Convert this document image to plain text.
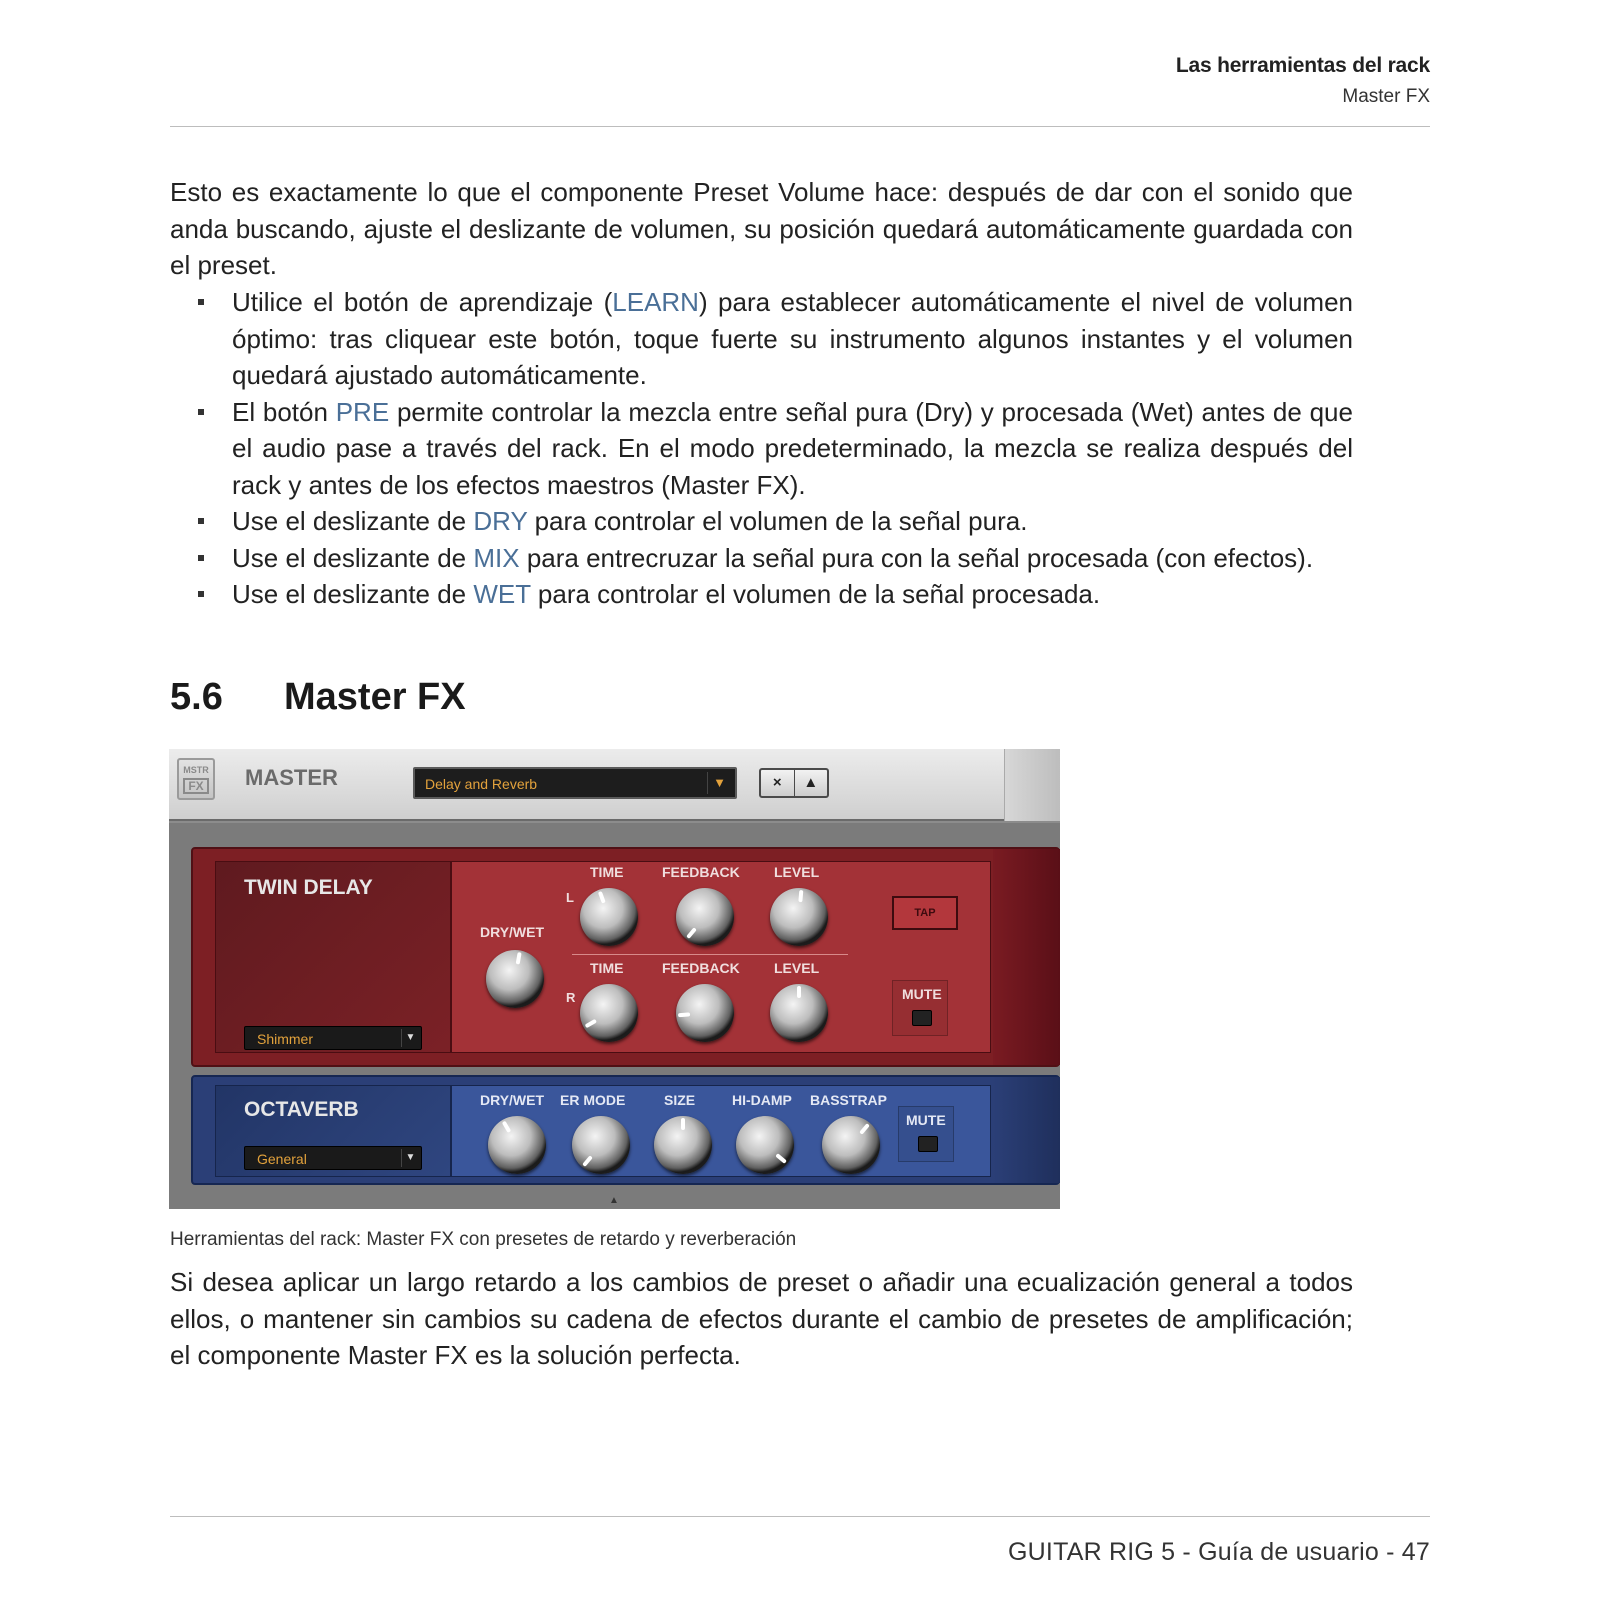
Las herramientas del rack
Master FX

Esto es exactamente lo que el componente Preset Volume hace: después de dar con el sonido que anda buscando, ajuste el deslizante de volumen, su posición quedará automáticamente guardada con el preset.

Utilice el botón de aprendizaje (LEARN) para establecer automáticamente el nivel de volumen óptimo: tras cliquear este botón, toque fuerte su instrumento algunos instantes y el volumen quedará ajustado automáticamente.
El botón PRE permite controlar la mezcla entre señal pura (Dry) y procesada (Wet) antes de que el audio pase a través del rack. En el modo predeterminado, la mezcla se realiza después del rack y antes de los efectos maestros (Master FX).
Use el deslizante de DRY para controlar el volumen de la señal pura.
Use el deslizante de MIX para entrecruzar la señal pura con la señal procesada (con efectos).
Use el deslizante de WET para controlar el volumen de la señal procesada.
5.6 Master FX
MSTR
FX MASTER	Delay and Reverb	▼	×	▲
TWIN DELAY
Shimmer	▼
DRY/WET
L
TIME	FEEDBACK LEVEL
R
TIME	FEEDBACK LEVEL
TAP
MUTE
OCTAVERB
General	▼
DRY/WET ER MODE	SIZE	HI-DAMP BASSTRAP
MUTE
▲
Herramientas del rack: Master FX con presetes de retardo y reverberación

Si desea aplicar un largo retardo a los cambios de preset o añadir una ecualización general a todos ellos, o mantener sin cambios su cadena de efectos durante el cambio de presetes de amplificación; el componente Master FX es la solución perfecta.

GUITAR RIG 5 - Guía de usuario - 47
